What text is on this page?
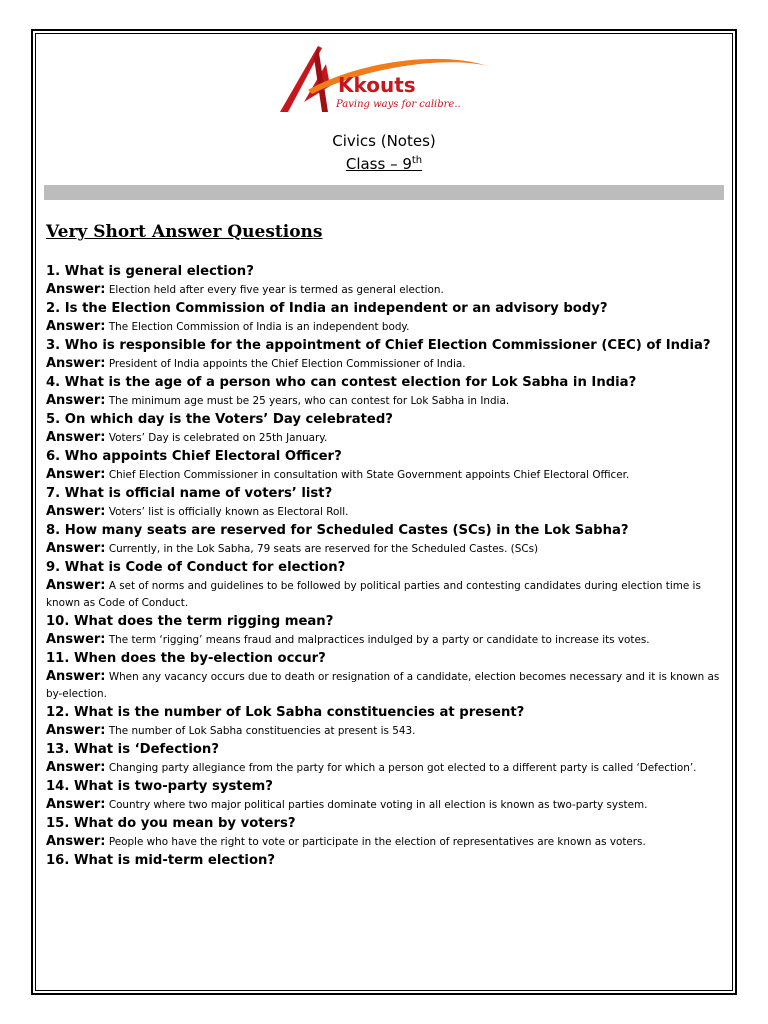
Kkouts
Paving ways for calibre..
Civics (Notes)
Class – 9th
Very Short Answer Questions
1. What is general election?
Answer: Election held after every five year is termed as general election.
2. Is the Election Commission of India an independent or an advisory body?
Answer: The Election Commission of India is an independent body.
3. Who is responsible for the appointment of Chief Election Commissioner (CEC) of India?
Answer: President of India appoints the Chief Election Commissioner of India.
4. What is the age of a person who can contest election for Lok Sabha in India?
Answer: The minimum age must be 25 years, who can contest for Lok Sabha in India.
5. On which day is the Voters’ Day celebrated?
Answer: Voters’ Day is celebrated on 25th January.
6. Who appoints Chief Electoral Officer?
Answer: Chief Election Commissioner in consultation with State Government appoints Chief Electoral Officer.
7. What is official name of voters’ list?
Answer: Voters’ list is officially known as Electoral Roll.
8. How many seats are reserved for Scheduled Castes (SCs) in the Lok Sabha?
Answer: Currently, in the Lok Sabha, 79 seats are reserved for the Scheduled Castes. (SCs)
9. What is Code of Conduct for election?
Answer: A set of norms and guidelines to be followed by political parties and contesting candidates during election time is known as Code of Conduct.
10. What does the term rigging mean?
Answer: The term ‘rigging’ means fraud and malpractices indulged by a party or candidate to increase its votes.
11. When does the by-election occur?
Answer: When any vacancy occurs due to death or resignation of a candidate, election becomes necessary and it is known as by-election.
12. What is the number of Lok Sabha constituencies at present?
Answer: The number of Lok Sabha constituencies at present is 543.
13. What is ‘Defection?
Answer: Changing party allegiance from the party for which a person got elected to a different party is called ‘Defection’.
14. What is two-party system?
Answer: Country where two major political parties dominate voting in all election is known as two-party system.
15. What do you mean by voters?
Answer: People who have the right to vote or participate in the election of representatives are known as voters.
16. What is mid-term election?
